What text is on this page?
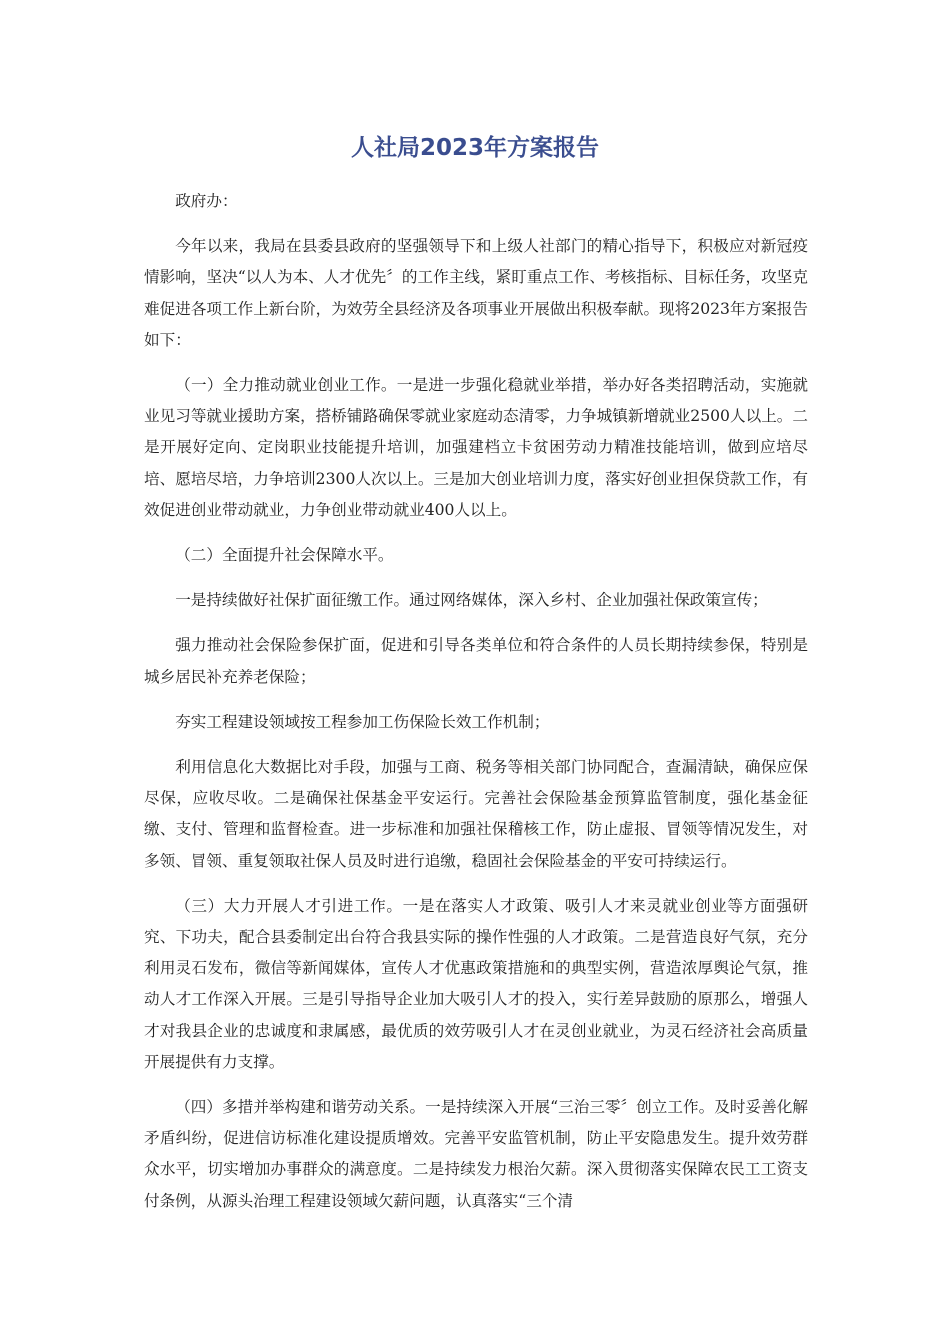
人社局2023年方案报告

政府办：

今年以来，我局在县委县政府的坚强领导下和上级人社部门的精心指导下，积极应对新冠疫情影响，坚决“以人为本、人才优先〞的工作主线，紧盯重点工作、考核指标、目标任务，攻坚克难促进各项工作上新台阶，为效劳全县经济及各项事业开展做出积极奉献。现将2023年方案报告如下：

（一）全力推动就业创业工作。一是进一步强化稳就业举措，举办好各类招聘活动，实施就业见习等就业援助方案，搭桥铺路确保零就业家庭动态清零，力争城镇新增就业2500人以上。二是开展好定向、定岗职业技能提升培训，加强建档立卡贫困劳动力精准技能培训，做到应培尽培、愿培尽培，力争培训2300人次以上。三是加大创业培训力度，落实好创业担保贷款工作，有效促进创业带动就业，力争创业带动就业400人以上。

（二）全面提升社会保障水平。

一是持续做好社保扩面征缴工作。通过网络媒体，深入乡村、企业加强社保政策宣传；

强力推动社会保险参保扩面，促进和引导各类单位和符合条件的人员长期持续参保，特别是城乡居民补充养老保险；

夯实工程建设领域按工程参加工伤保险长效工作机制；

利用信息化大数据比对手段，加强与工商、税务等相关部门协同配合，查漏清缺，确保应保尽保，应收尽收。二是确保社保基金平安运行。完善社会保险基金预算监管制度，强化基金征缴、支付、管理和监督检查。进一步标准和加强社保稽核工作，防止虚报、冒领等情况发生，对多领、冒领、重复领取社保人员及时进行追缴，稳固社会保险基金的平安可持续运行。

（三）大力开展人才引进工作。一是在落实人才政策、吸引人才来灵就业创业等方面强研究、下功夫，配合县委制定出台符合我县实际的操作性强的人才政策。二是营造良好气氛，充分利用灵石发布，微信等新闻媒体，宣传人才优惠政策措施和的典型实例，营造浓厚舆论气氛，推动人才工作深入开展。三是引导指导企业加大吸引人才的投入，实行差异鼓励的原那么，增强人才对我县企业的忠诚度和隶属感，最优质的效劳吸引人才在灵创业就业，为灵石经济社会高质量开展提供有力支撑。

（四）多措并举构建和谐劳动关系。一是持续深入开展“三治三零〞创立工作。及时妥善化解矛盾纠纷，促进信访标准化建设提质增效。完善平安监管机制，防止平安隐患发生。提升效劳群众水平，切实增加办事群众的满意度。二是持续发力根治欠薪。深入贯彻落实保障农民工工资支付条例，从源头治理工程建设领域欠薪问题，认真落实“三个清
